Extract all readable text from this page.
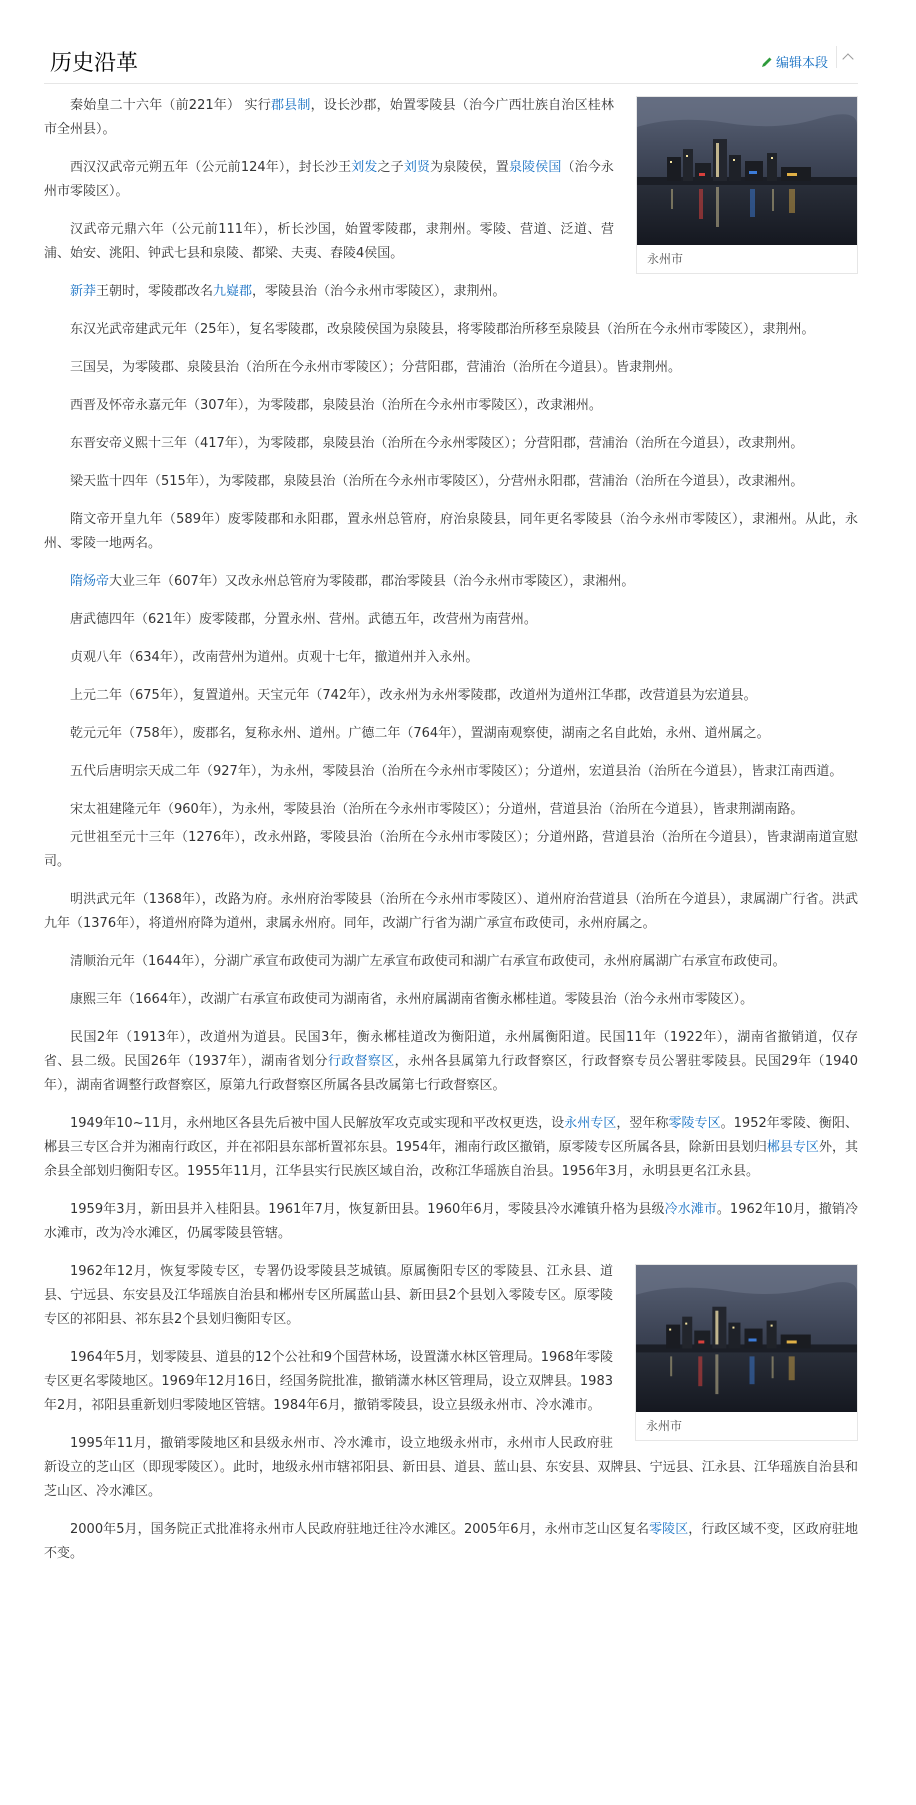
历史沿革	编辑本段
永州市

秦始皇二十六年（前221年） 实行郡县制，设长沙郡，始置零陵县（治今广西壮族自治区桂林市全州县）。

西汉汉武帝元朔五年（公元前124年），封长沙王刘发之子刘贤为泉陵侯，置泉陵侯国（治今永州市零陵区）。

汉武帝元鼎六年（公元前111年），析长沙国，始置零陵郡，隶荆州。零陵、营道、泛道、营浦、始安、洮阳、钟武七县和泉陵、都梁、夫夷、舂陵4侯国。

新莽王朝时，零陵郡改名九嶷郡，零陵县治（治今永州市零陵区），隶荆州。

东汉光武帝建武元年（25年），复名零陵郡，改泉陵侯国为泉陵县，将零陵郡治所移至泉陵县（治所在今永州市零陵区），隶荆州。

三国吴，为零陵郡、泉陵县治（治所在今永州市零陵区）；分营阳郡，营浦治（治所在今道县）。皆隶荆州。

西晋及怀帝永嘉元年（307年），为零陵郡，泉陵县治（治所在今永州市零陵区），改隶湘州。

东晋安帝义熙十三年（417年），为零陵郡，泉陵县治（治所在今永州零陵区）；分营阳郡，营浦治（治所在今道县），改隶荆州。

梁天监十四年（515年），为零陵郡，泉陵县治（治所在今永州市零陵区），分营州永阳郡，营浦治（治所在今道县），改隶湘州。

隋文帝开皇九年（589年）废零陵郡和永阳郡，置永州总管府，府治泉陵县，同年更名零陵县（治今永州市零陵区），隶湘州。从此，永州、零陵一地两名。

隋炀帝大业三年（607年）又改永州总管府为零陵郡，郡治零陵县（治今永州市零陵区），隶湘州。

唐武德四年（621年）废零陵郡，分置永州、营州。武德五年，改营州为南营州。

贞观八年（634年），改南营州为道州。贞观十七年，撤道州并入永州。

上元二年（675年），复置道州。天宝元年（742年），改永州为永州零陵郡，改道州为道州江华郡，改营道县为宏道县。

乾元元年（758年），废郡名，复称永州、道州。广德二年（764年），置湖南观察使，湖南之名自此始，永州、道州属之。

五代后唐明宗天成二年（927年），为永州，零陵县治（治所在今永州市零陵区）；分道州，宏道县治（治所在今道县），皆隶江南西道。

宋太祖建隆元年（960年），为永州，零陵县治（治所在今永州市零陵区）；分道州，营道县治（治所在今道县），皆隶荆湖南路。

元世祖至元十三年（1276年），改永州路，零陵县治（治所在今永州市零陵区）；分道州路，营道县治（治所在今道县），皆隶湖南道宣慰司。

明洪武元年（1368年），改路为府。永州府治零陵县（治所在今永州市零陵区）、道州府治营道县（治所在今道县），隶属湖广行省。洪武九年（1376年），将道州府降为道州，隶属永州府。同年，改湖广行省为湖广承宣布政使司，永州府属之。

清顺治元年（1644年），分湖广承宣布政使司为湖广左承宣布政使司和湖广右承宣布政使司，永州府属湖广右承宣布政使司。

康熙三年（1664年），改湖广右承宣布政使司为湖南省，永州府属湖南省衡永郴桂道。零陵县治（治今永州市零陵区）。

民国2年（1913年），改道州为道县。民国3年，衡永郴桂道改为衡阳道，永州属衡阳道。民国11年（1922年），湖南省撤销道，仅存省、县二级。民国26年（1937年），湖南省划分行政督察区，永州各县属第九行政督察区，行政督察专员公署驻零陵县。民国29年（1940年），湖南省调整行政督察区，原第九行政督察区所属各县改属第七行政督察区。

1949年10~11月，永州地区各县先后被中国人民解放军攻克或实现和平改权更迭，设永州专区，翌年称零陵专区。1952年零陵、衡阳、郴县三专区合并为湘南行政区，并在祁阳县东部析置祁东县。1954年，湘南行政区撤销，原零陵专区所属各县，除新田县划归郴县专区外，其余县全部划归衡阳专区。1955年11月，江华县实行民族区域自治，改称江华瑶族自治县。1956年3月，永明县更名江永县。

1959年3月，新田县并入桂阳县。1961年7月，恢复新田县。1960年6月，零陵县冷水滩镇升格为县级冷水滩市。1962年10月，撤销冷水滩市，改为冷水滩区，仍属零陵县管辖。

永州市

1962年12月，恢复零陵专区，专署仍设零陵县芝城镇。原属衡阳专区的零陵县、江永县、道县、宁远县、东安县及江华瑶族自治县和郴州专区所属蓝山县、新田县2个县划入零陵专区。原零陵专区的祁阳县、祁东县2个县划归衡阳专区。

1964年5月，划零陵县、道县的12个公社和9个国营林场，设置潇水林区管理局。1968年零陵专区更名零陵地区。1969年12月16日，经国务院批准，撤销潇水林区管理局，设立双牌县。1983年2月，祁阳县重新划归零陵地区管辖。1984年6月，撤销零陵县，设立县级永州市、冷水滩市。

1995年11月，撤销零陵地区和县级永州市、冷水滩市，设立地级永州市，永州市人民政府驻新设立的芝山区（即现零陵区）。此时，地级永州市辖祁阳县、新田县、道县、蓝山县、东安县、双牌县、宁远县、江永县、江华瑶族自治县和芝山区、冷水滩区。

2000年5月，国务院正式批准将永州市人民政府驻地迁往冷水滩区。2005年6月，永州市芝山区复名零陵区，行政区域不变，区政府驻地不变。
